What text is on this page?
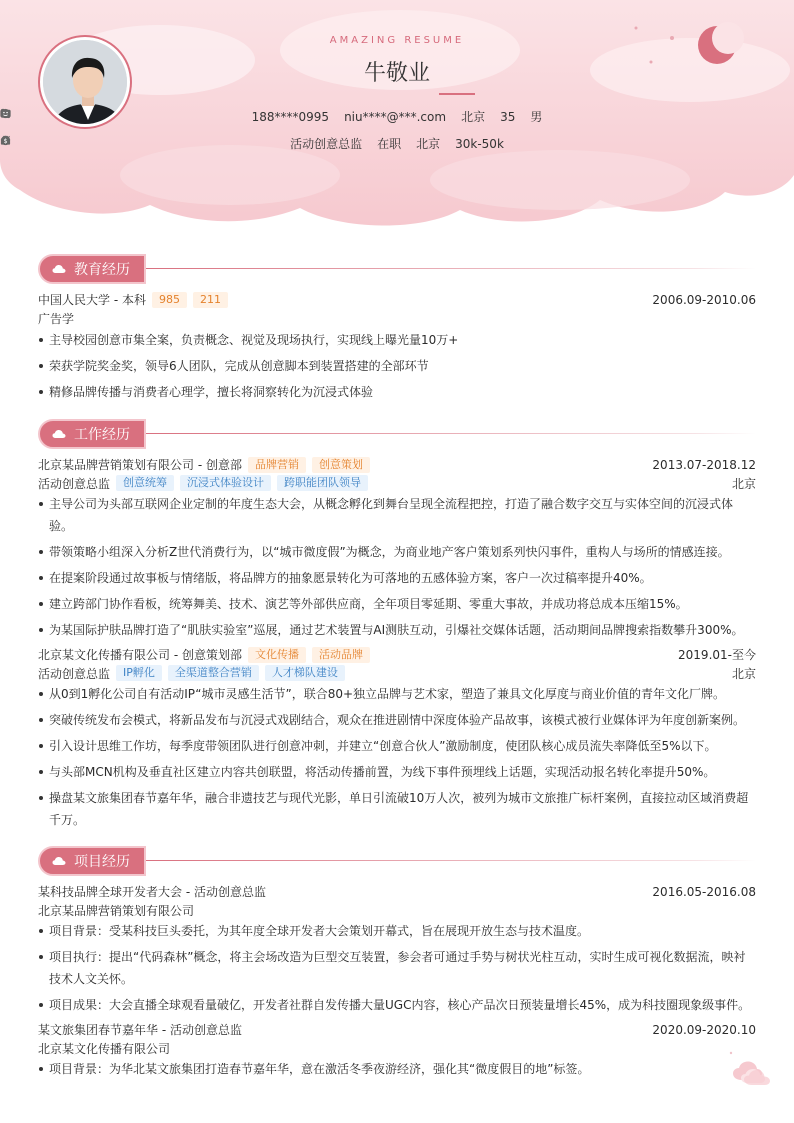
AMAZING RESUME
牛敬业
188****0995 niu****@***.com 北京 35 男
活动创意总监 在职 北京
$	30k-50k
教育经历
中国人民大学 - 本科	985	211	2006.09-2010.06
广告学
主导校园创意市集全案，负责概念、视觉及现场执行，实现线上曝光量10万+
荣获学院奖金奖，领导6人团队，完成从创意脚本到装置搭建的全部环节
精修品牌传播与消费者心理学，擅长将洞察转化为沉浸式体验
工作经历
北京某品牌营销策划有限公司 - 创意部	品牌营销	创意策划	2013.07-2018.12
活动创意总监	创意统筹	沉浸式体验设计	跨职能团队领导	北京
主导公司为头部互联网企业定制的年度生态大会，从概念孵化到舞台呈现全流程把控，打造了融合数字交互与实体空间的沉浸式体验。
带领策略小组深入分析Z世代消费行为，以“城市微度假”为概念，为商业地产客户策划系列快闪事件，重构人与场所的情感连接。
在提案阶段通过故事板与情绪版，将品牌方的抽象愿景转化为可落地的五感体验方案，客户一次过稿率提升40%。
建立跨部门协作看板，统筹舞美、技术、演艺等外部供应商，全年项目零延期、零重大事故，并成功将总成本压缩15%。
为某国际护肤品牌打造了“肌肤实验室”巡展，通过艺术装置与AI测肤互动，引爆社交媒体话题，活动期间品牌搜索指数攀升300%。
北京某文化传播有限公司 - 创意策划部	文化传播	活动品牌	2019.01-至今
活动创意总监	IP孵化	全渠道整合营销	人才梯队建设	北京
从0到1孵化公司自有活动IP“城市灵感生活节”，联合80+独立品牌与艺术家，塑造了兼具文化厚度与商业价值的青年文化厂牌。
突破传统发布会模式，将新品发布与沉浸式戏剧结合，观众在推进剧情中深度体验产品故事，该模式被行业媒体评为年度创新案例。
引入设计思维工作坊，每季度带领团队进行创意冲刺，并建立“创意合伙人”激励制度，使团队核心成员流失率降低至5%以下。
与头部MCN机构及垂直社区建立内容共创联盟，将活动传播前置，为线下事件预埋线上话题，实现活动报名转化率提升50%。
操盘某文旅集团春节嘉年华，融合非遗技艺与现代光影，单日引流破10万人次，被列为城市文旅推广标杆案例，直接拉动区域消费超千万。
项目经历
某科技品牌全球开发者大会 - 活动创意总监	2016.05-2016.08
北京某品牌营销策划有限公司
项目背景：受某科技巨头委托，为其年度全球开发者大会策划开幕式，旨在展现开放生态与技术温度。
项目执行：提出“代码森林”概念，将主会场改造为巨型交互装置，参会者可通过手势与树状光柱互动，实时生成可视化数据流，映衬技术人文关怀。
项目成果：大会直播全球观看量破亿，开发者社群自发传播大量UGC内容，核心产品次日预装量增长45%，成为科技圈现象级事件。
某文旅集团春节嘉年华 - 活动创意总监	2020.09-2020.10
北京某文化传播有限公司
项目背景：为华北某文旅集团打造春节嘉年华，意在激活冬季夜游经济，强化其“微度假目的地”标签。
